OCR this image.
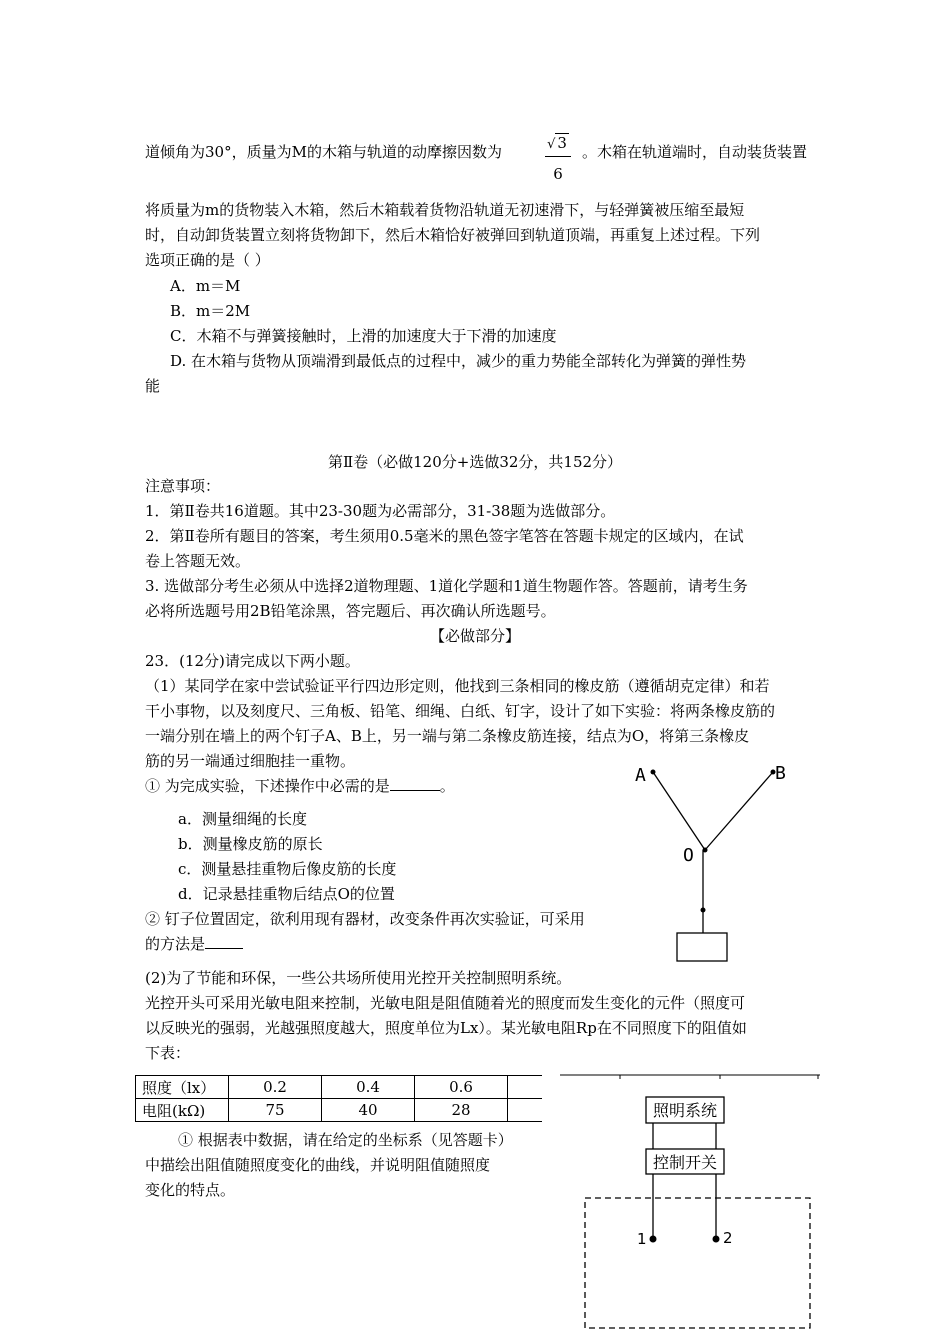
道倾角为30°，质量为M的木箱与轨道的动摩擦因数为	$\frac{√ 3}{6}$ 。木箱在轨道端时，自动装货装置
将质量为m的货物装入木箱，然后木箱载着货物沿轨道无初速滑下，与轻弹簧被压缩至最短
时，自动卸货装置立刻将货物卸下，然后木箱恰好被弹回到轨道顶端，再重复上述过程。下列
选项正确的是（ ）
A．m＝M
B．m＝2M
C．木箱不与弹簧接触时，上滑的加速度大于下滑的加速度
D. 在木箱与货物从顶端滑到最低点的过程中，减少的重力势能全部转化为弹簧的弹性势
能
第Ⅱ卷（必做120分+选做32分，共152分）
注意事项：
1．第Ⅱ卷共16道题。其中23-30题为必需部分，31-38题为选做部分。
2．第Ⅱ卷所有题目的答案，考生须用0.5毫米的黑色签字笔答在答题卡规定的区域内，在试
卷上答题无效。
3. 选做部分考生必须从中选择2道物理题、1道化学题和1道生物题作答。答题前，请考生务
必将所选题号用2B铅笔涂黑，答完题后、再次确认所选题号。
【必做部分】
23．(12分)请完成以下两小题。
（1）某同学在家中尝试验证平行四边形定则，他找到三条相同的橡皮筋（遵循胡克定律）和若
干小事物，以及刻度尺、三角板、铅笔、细绳、白纸、钉字，设计了如下实验：将两条橡皮筋的
一端分别在墙上的两个钉子A、B上，另一端与第二条橡皮筋连接，结点为O，将第三条橡皮
筋的另一端通过细胞挂一重物。
① 为完成实验，下述操作中必需的是	。
a．测量细绳的长度
b．测量橡皮筋的原长
c．测量悬挂重物后像皮筋的长度
d．记录悬挂重物后结点O的位置
② 钉子位置固定，欲利用现有器材，改变条件再次实验证，可采用
的方法是
(2)为了节能和环保，一些公共场所使用光控开关控制照明系统。
光控开头可采用光敏电阻来控制，光敏电阻是阻值随着光的照度而发生变化的元件（照度可
以反映光的强弱，光越强照度越大，照度单位为Lx）。某光敏电阻Rp在不同照度下的阻值如
下表：
照度（lx）	0.2	0.4	0.6	
电阻(kΩ)	75	40	28	
① 根据表中数据，请在给定的坐标系（见答题卡）
中描绘出阻值随照度变化的曲线，并说明阻值随照度
变化的特点。
A	B
O
照明系统
控制开关
1	2
